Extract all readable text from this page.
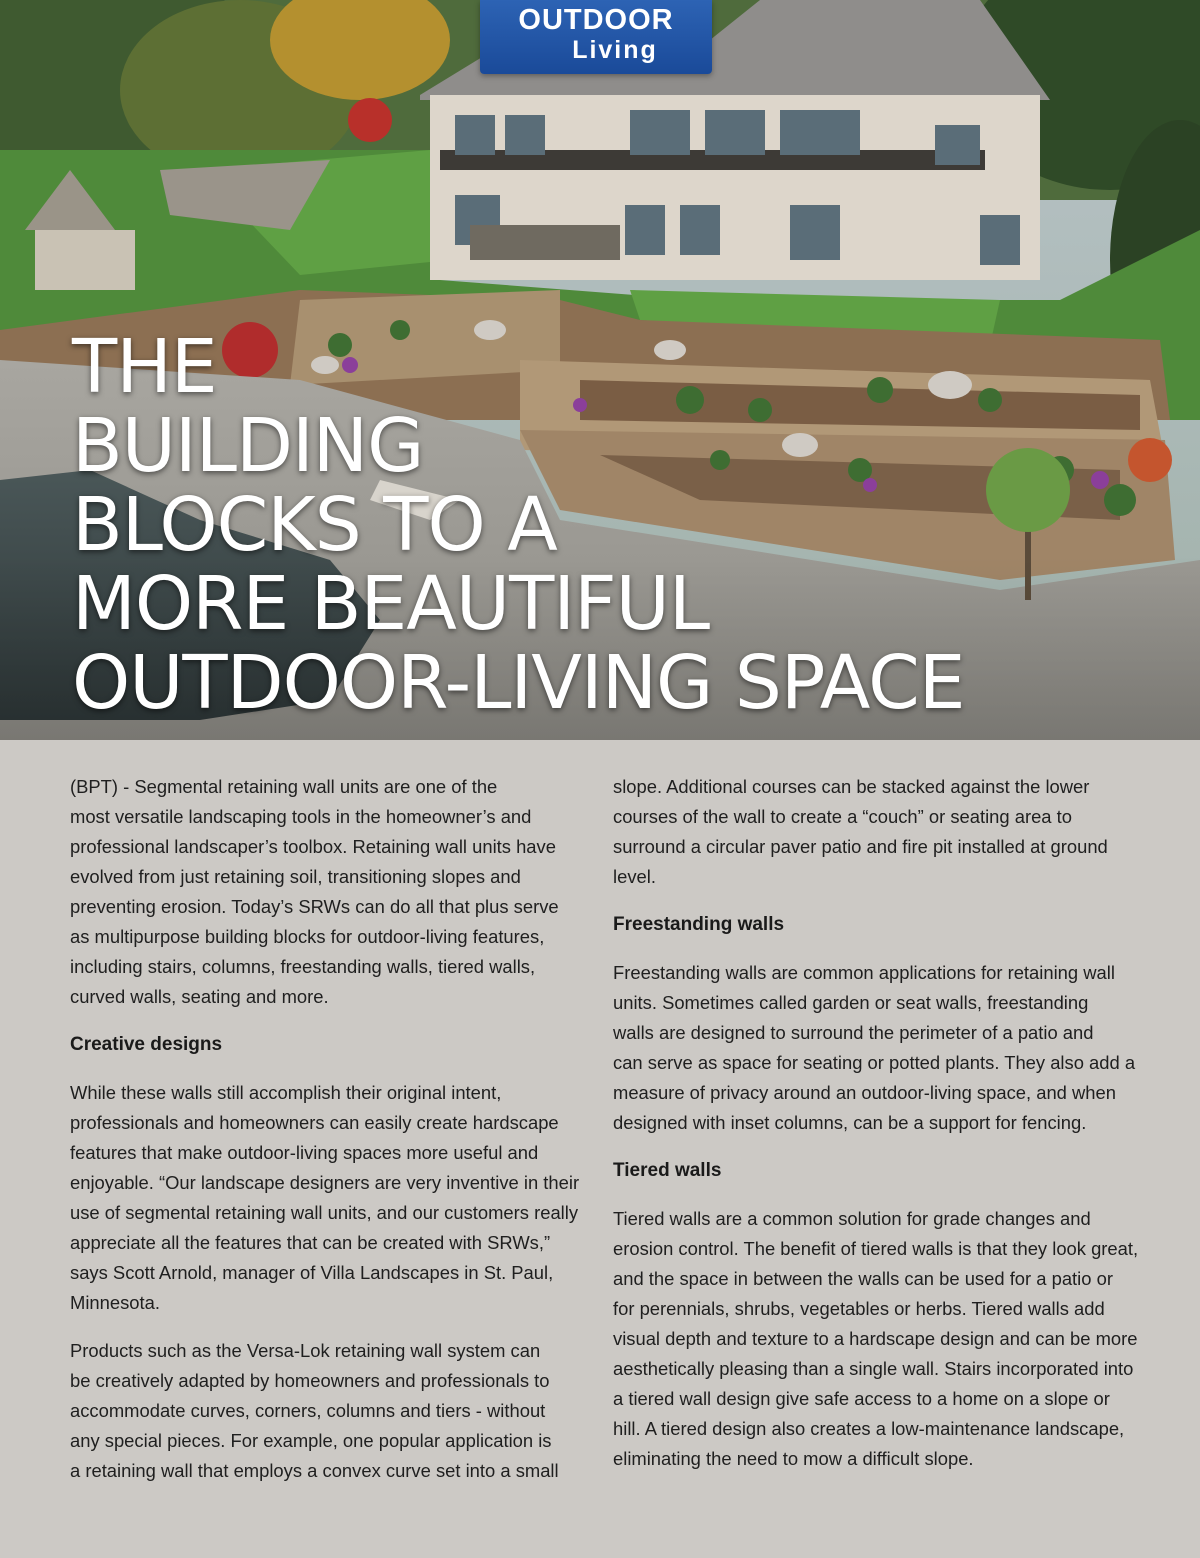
OUTDOOR
Living
THE
BUILDING
BLOCKS TO A
MORE BEAUTIFUL
OUTDOOR-LIVING SPACE

(BPT) - Segmental retaining wall units are one of the
most versatile landscaping tools in the homeowner’s and
professional landscaper’s toolbox. Retaining wall units have
evolved from just retaining soil, transitioning slopes and
preventing erosion. Today’s SRWs can do all that plus serve
as multipurpose building blocks for outdoor-living features,
including stairs, columns, freestanding walls, tiered walls,
curved walls, seating and more.

Creative designs

While these walls still accomplish their original intent,
professionals and homeowners can easily create hardscape
features that make outdoor-living spaces more useful and
enjoyable. “Our landscape designers are very inventive in their
use of segmental retaining wall units, and our customers really
appreciate all the features that can be created with SRWs,”
says Scott Arnold, manager of Villa Landscapes in St. Paul,
Minnesota.

Products such as the Versa-Lok retaining wall system can
be creatively adapted by homeowners and professionals to
accommodate curves, corners, columns and tiers - without
any special pieces. For example, one popular application is
a retaining wall that employs a convex curve set into a small

slope. Additional courses can be stacked against the lower
courses of the wall to create a “couch” or seating area to
surround a circular paver patio and fire pit installed at ground
level.

Freestanding walls

Freestanding walls are common applications for retaining wall
units. Sometimes called garden or seat walls, freestanding
walls are designed to surround the perimeter of a patio and
can serve as space for seating or potted plants. They also add a
measure of privacy around an outdoor-living space, and when
designed with inset columns, can be a support for fencing.

Tiered walls

Tiered walls are a common solution for grade changes and
erosion control. The benefit of tiered walls is that they look great,
and the space in between the walls can be used for a patio or
for perennials, shrubs, vegetables or herbs. Tiered walls add
visual depth and texture to a hardscape design and can be more
aesthetically pleasing than a single wall. Stairs incorporated into
a tiered wall design give safe access to a home on a slope or
hill. A tiered design also creates a low-maintenance landscape,
eliminating the need to mow a difficult slope.
